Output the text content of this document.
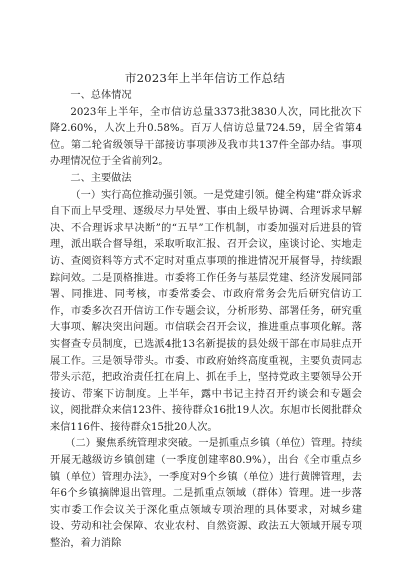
市2023年上半年信访工作总结

一、总体情况

2023年上半年，全市信访总量3373批3830人次，同比批次下降2.60%，人次上升0.58%。百万人信访总量724.59，居全省第4位。第二轮省级领导干部接访事项涉及我市共137件全部办结。事项办理情况位于全省前列2。

二、主要做法

（一）实行高位推动强引领。一是党建引领。健全构建“群众诉求自下而上早受理、逐级尽力早处置、事由上级早协调、合理诉求早解决、不合理诉求早决断”的“五早”工作机制，市委加强对后进县的管理，派出联合督导组，采取听取汇报、召开会议，座谈讨论、实地走访、查阅资料等方式不定时对重点事项的推进情况开展督导，持续跟踪问效。二是顶格推进。市委将工作任务与基层党建、经济发展同部署、同推进、同考核，市委常委会、市政府常务会先后研究信访工作，市委多次召开信访工作专题会议，分析形势、部署任务，研究重大事项、解决突出问题。市信联会召开会议，推进重点事项化解。落实督查专员制度，已选派4批13名新提拔的县处级干部在市局驻点开展工作。三是领导带头。市委、市政府始终高度重视，主要负责同志带头示范，把政治责任扛在肩上、抓在手上，坚持党政主要领导公开接访、带案下访制度。上半年，露中书记主持召开约谈会和专题会议，阅批群众来信123件、接待群众16批19人次。东旭市长阅批群众来信116件、接待群众15批20人次。

（二）聚焦系统管理求突破。一是抓重点乡镇（单位）管理。持续开展无越级访乡镇创建（一季度创建率80.9%），出台《全市重点乡镇（单位）管理办法》，一季度对9个乡镇（单位）进行黄牌管理，去年6个乡镇摘牌退出管理。二是抓重点领域（群体）管理。进一步落实市委工作会议关于深化重点领域专项治理的具体要求，对城乡建设、劳动和社会保障、农业农村、自然资源、政法五大领域开展专项整治，着力消除
